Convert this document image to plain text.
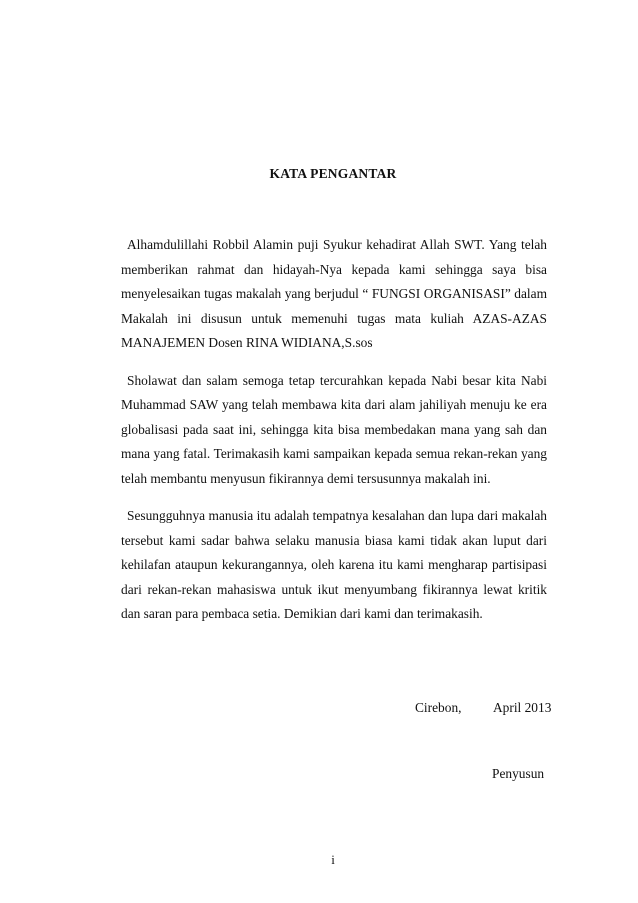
KATA PENGANTAR

Alhamdulillahi Robbil Alamin puji Syukur kehadirat Allah SWT. Yang telah memberikan rahmat dan hidayah-Nya kepada kami sehingga saya bisa menyelesaikan tugas makalah yang berjudul “ FUNGSI ORGANISASI” dalam Makalah ini disusun untuk memenuhi tugas mata kuliah AZAS-AZAS MANAJEMEN Dosen RINA WIDIANA,S.sos

Sholawat dan salam semoga tetap tercurahkan kepada Nabi besar kita Nabi Muhammad SAW yang telah membawa kita dari alam jahiliyah menuju ke era globalisasi pada saat ini, sehingga kita bisa membedakan mana yang sah dan mana yang fatal. Terimakasih kami sampaikan kepada semua rekan-rekan yang telah membantu menyusun fikirannya demi tersusunnya makalah ini.

Sesungguhnya manusia itu adalah tempatnya kesalahan dan lupa dari makalah tersebut kami sadar bahwa selaku manusia biasa kami tidak akan luput dari kehilafan ataupun kekurangannya, oleh karena itu kami mengharap partisipasi dari rekan-rekan mahasiswa untuk ikut menyumbang fikirannya lewat kritik dan saran para pembaca setia. Demikian dari kami dan terimakasih.

Cirebon, April 2013
Penyusun
i
